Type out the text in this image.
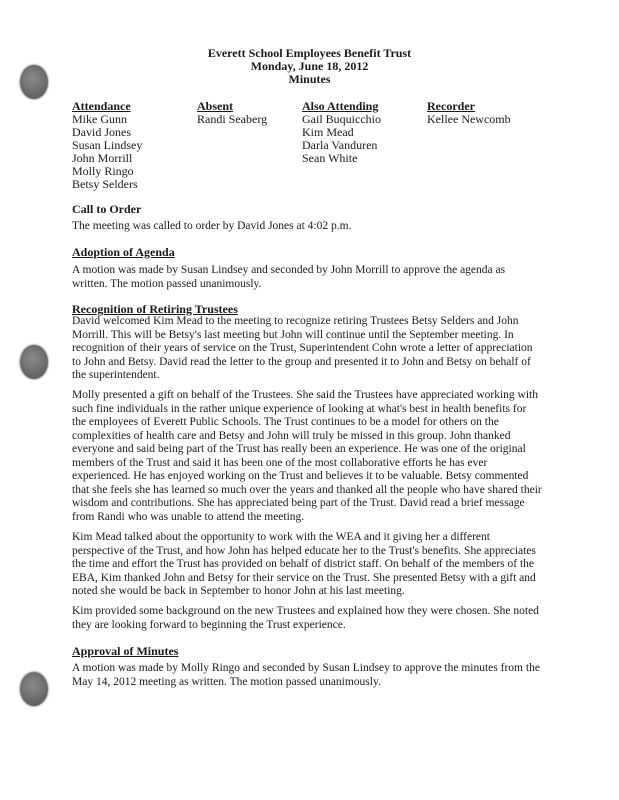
Everett School Employees Benefit Trust
Monday, June 18, 2012
Minutes
Attendance
Mike Gunn
David Jones
Susan Lindsey
John Morrill
Molly Ringo
Betsy Selders
Absent
Randi Seaberg
Also Attending
Gail Buquicchio
Kim Mead
Darla Vanduren
Sean White
Recorder
Kellee Newcomb
Call to Order
The meeting was called to order by David Jones at 4:02 p.m.
Adoption of Agenda
A motion was made by Susan Lindsey and seconded by John Morrill to approve the agenda as written. The motion passed unanimously.
Recognition of Retiring Trustees
David welcomed Kim Mead to the meeting to recognize retiring Trustees Betsy Selders and John Morrill. This will be Betsy's last meeting but John will continue until the September meeting. In recognition of their years of service on the Trust, Superintendent Cohn wrote a letter of appreciation to John and Betsy. David read the letter to the group and presented it to John and Betsy on behalf of the superintendent.
Molly presented a gift on behalf of the Trustees. She said the Trustees have appreciated working with such fine individuals in the rather unique experience of looking at what's best in health benefits for the employees of Everett Public Schools. The Trust continues to be a model for others on the complexities of health care and Betsy and John will truly be missed in this group. John thanked everyone and said being part of the Trust has really been an experience. He was one of the original members of the Trust and said it has been one of the most collaborative efforts he has ever experienced. He has enjoyed working on the Trust and believes it to be valuable. Betsy commented that she feels she has learned so much over the years and thanked all the people who have shared their wisdom and contributions. She has appreciated being part of the Trust. David read a brief message from Randi who was unable to attend the meeting.
Kim Mead talked about the opportunity to work with the WEA and it giving her a different perspective of the Trust, and how John has helped educate her to the Trust's benefits. She appreciates the time and effort the Trust has provided on behalf of district staff. On behalf of the members of the EBA, Kim thanked John and Betsy for their service on the Trust. She presented Betsy with a gift and noted she would be back in September to honor John at his last meeting.
Kim provided some background on the new Trustees and explained how they were chosen. She noted they are looking forward to beginning the Trust experience.
Approval of Minutes
A motion was made by Molly Ringo and seconded by Susan Lindsey to approve the minutes from the May 14, 2012 meeting as written. The motion passed unanimously.
